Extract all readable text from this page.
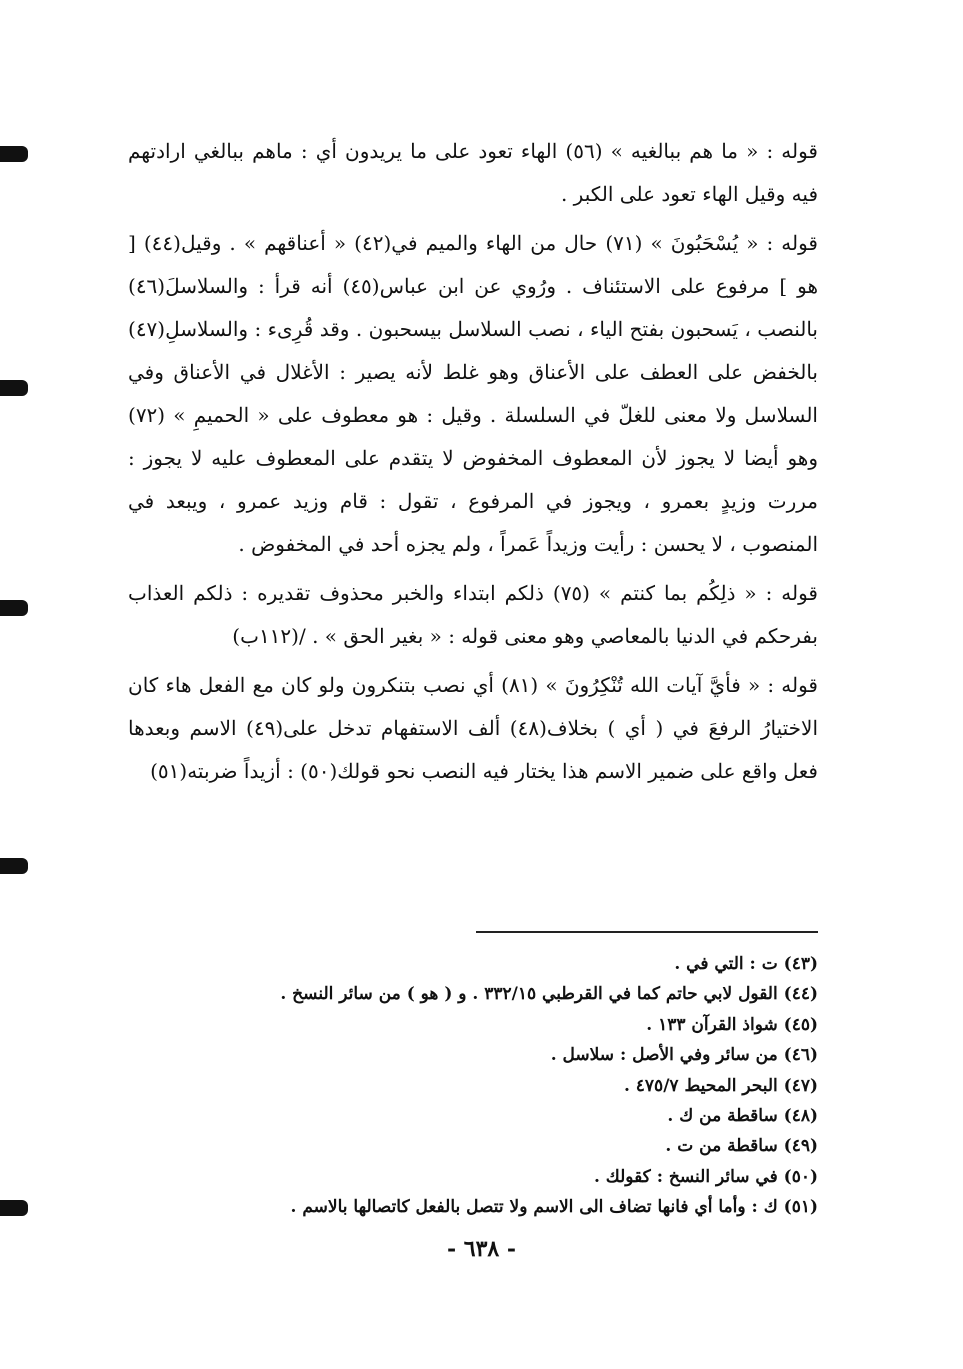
قوله : « ما هم ببالغيه » (٥٦) الهاء تعود على ما يريدون أي : ماهم ببالغي ارادتهم فيه وقيل الهاء تعود على الكبر .

قوله : « يُسْحَبُونَ » (٧١) حال من الهاء والميم في(٤٢) « أعناقهم » . وقيل(٤٤) [ هو ] مرفوع على الاستئناف . ورُوي عن ابن عباس(٤٥) أنه قرأ : والسلاسلَ(٤٦) بالنصب ، يَسحبون بفتح الياء ، نصب السلاسل بيسحبون . وقد قُرِىء : والسلاسلِ(٤٧) بالخفض على العطف على الأعناق وهو غلط لأنه يصير : الأغلال في الأعناق وفي السلاسل ولا معنى للغلّ في السلسلة . وقيل : هو معطوف على « الحميمِ » (٧٢) وهو أيضا لا يجوز لأن المعطوف المخفوض لا يتقدم على المعطوف عليه لا يجوز : مررت وزيدٍ بعمرو ، ويجوز في المرفوع ، تقول : قام وزيد عمرو ، ويبعد في المنصوب ، لا يحسن : رأيت وزيداً عَمراً ، ولم يجزه أحد في المخفوض .

قوله : « ذلِكُم بما كنتم » (٧٥) ذلكم ابتداء والخبر محذوف تقديره : ذلكم العذاب بفرحكم في الدنيا بالمعاصي وهو معنى قوله : « بغير الحق » . /(١١٢ب)

قوله : « فأيَّ آيات الله تُنْكِرُونَ » (٨١) أي نصب بتنكرون ولو كان مع الفعل هاء كان الاختيارُ الرفعَ في ( أي ) بخلاف(٤٨) ألف الاستفهام تدخل على(٤٩) الاسم وبعدها فعل واقع على ضمير الاسم هذا يختار فيه النصب نحو قولك(٥٠) : أزيداً ضربته(٥١)

(٤٣) ت : التي في .
(٤٤) القول لابي حاتم كما في القرطبي ٣٣٢/١٥ . و ( هو ) من سائر النسخ .
(٤٥) شواذ القرآن ١٣٣ .
(٤٦) من سائر وفي الأصل : سلاسل .
(٤٧) البحر المحيط ٤٧٥/٧ .
(٤٨) ساقطة من ك .
(٤٩) ساقطة من ت .
(٥٠) في سائر النسخ : كقولك .
(٥١) ك : وأما أي فانها تضاف الى الاسم ولا تتصل بالفعل كاتصالها بالاسم .
- ٦٣٨ -
